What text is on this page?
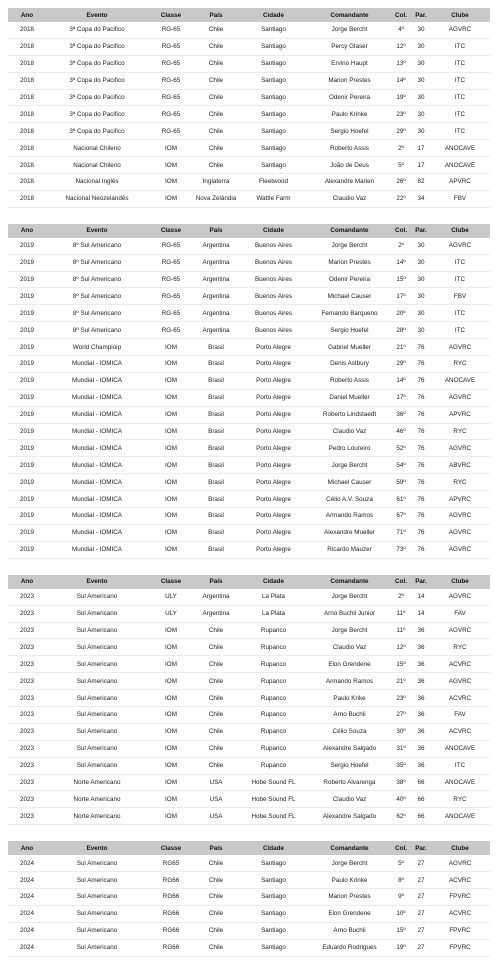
Ano	Evento	Classe	País	Cidade	Comandante	Col.	Par.	Clube
2018	3ª Copa do Pacifico	RG-65	Chile	Santiago	Jorge Bercht	4º	30	AGVRC
2018	3ª Copa do Pacifico	RG-65	Chile	Santiago	Percy Glaser	12º	30	ITC
2018	3ª Copa do Pacifico	RG-65	Chile	Santiago	Ervino Haupt	13º	30	ITC
2018	3ª Copa do Pacifico	RG-65	Chile	Santiago	Marion Prestes	14º	30	ITC
2018	3ª Copa do Pacifico	RG-65	Chile	Santiago	Odenir Pereira	19º	30	ITC
2018	3ª Copa do Pacifico	RG-65	Chile	Santiago	Paulo Krinke	23º	30	ITC
2018	3ª Copa do Pacifico	RG-65	Chile	Santiago	Sergio Hoefel	29º	30	ITC
2018	Nacional Chileno	IOM	Chile	Santiago	Roberto Assis	2º	17	ANOCAVE
2018	Nacional Chileno	IOM	Chile	Santiago	João de Deus	5º	17	ANOCAVE
2018	Nacional Inglês	IOM	Inglaterra	Fleetwood	Alexandre Marien	26º	82	APVRC
2018	Nacional Neozelandês	IOM	Nova Zelândia	Wattle Farm	Claudio Vaz	22º	34	FBV
Ano	Evento	Classe	País	Cidade	Comandante	Col.	Par.	Clube
2019	8º Sul Americano	RG-65	Argentina	Buenos Aires	Jorge Bercht	2º	30	AGVRC
2019	8º Sul Americano	RG-65	Argentina	Buenos Aires	Marion Prestes	14º	30	ITC
2019	8º Sul Americano	RG-65	Argentina	Buenos Aires	Odenir Pereira	15º	30	ITC
2019	8º Sul Americano	RG-65	Argentina	Buenos Aires	Michael Causer	17º	30	FBV
2019	8º Sul Americano	RG-65	Argentina	Buenos Aires	Fernando Barqueno	20º	30	ITC
2019	8º Sul Americano	RG-65	Argentina	Buenos Aires	Sergio Hoefel	28º	30	ITC
2019	World Champioip	IOM	Brasil	Porto Alegre	Gabriel Mueller	21º	76	AGVRC
2019	Mundial - IOMICA	IOM	Brasil	Porto Alegre	Denis Astbury	29º	76	RYC
2019	Mundial - IOMICA	IOM	Brasil	Porto Alegre	Roberto Assis	14º	76	ANOCAVE
2019	Mundial - IOMICA	IOM	Brasil	Porto Alegre	Daniel Mueller	17º	76	AGVRC
2019	Mundial - IOMICA	IOM	Brasil	Porto Alegre	Roberto Lindstaedt	36º	76	APVRC
2019	Mundial - IOMICA	IOM	Brasil	Porto Alegre	Claudio Vaz	46º	76	RYC
2019	Mundial - IOMICA	IOM	Brasil	Porto Alegre	Pedro Loureiro	52º	76	AGVRC
2019	Mundial - IOMICA	IOM	Brasil	Porto Alegre	Jorge Bercht	54º	76	ABVRC
2019	Mundial - IOMICA	IOM	Brasil	Porto Alegre	Michael Causer	59º	76	RYC
2019	Mundial - IOMICA	IOM	Brasil	Porto Alegre	Célio A.V. Souza	61º	76	APVRC
2019	Mundial - IOMICA	IOM	Brasil	Porto Alegre	Armando Ramos	67º	76	AGVRC
2019	Mundial - IOMICA	IOM	Brasil	Porto Alegre	Alexandre Mueller	71º	76	AGVRC
2019	Mundial - IOMICA	IOM	Brasil	Porto Alegre	Ricardo Mauzer	73º	76	AGVRC
Ano	Evento	Classe	País	Cidade	Comandante	Col.	Par.	Clube
2023	Sul Americano	ULY	Argentina	La Plata	Jorge Bercht	2º	14	AGVRC
2023	Sul Americano	ULY	Argentina	La Plata	Arno Buchli Junior	11º	14	FAV
2023	Sul Americano	IOM	Chile	Rupanco	Jorge Bercht	11º	36	AGVRC
2023	Sul Americano	IOM	Chile	Rupanco	Claudio Vaz	12º	36	RYC
2023	Sul Americano	IOM	Chile	Rupanco	Elon Grendene	15º	36	ACVRC
2023	Sul Americano	IOM	Chile	Rupanco	Armando Ramos	21º	36	AGVRC
2023	Sul Americano	IOM	Chile	Rupanco	Paulo Krike	23º	36	ACVRC
2023	Sul Americano	IOM	Chile	Rupanco	Arno Buchli	27º	36	FAV
2023	Sul Americano	IOM	Chile	Rupanco	Célio Souza	30º	36	ACVRC
2023	Sul Americano	IOM	Chile	Rupanco	Alexandre Salgado	31º	36	ANOCAVE
2023	Sul Americano	IOM	Chile	Rupanco	Sergio Hoefel	35º	36	ITC
2023	Norte Americano	IOM	USA	Hobe Sound FL	Roberto Alvarenga	38º	66	ANOCAVE
2023	Norte Americano	IOM	USA	Hobe Sound FL	Claudio Vaz	40º	66	RYC
2023	Norte Americano	IOM	USA	Hobe Sound FL	Alexandre Salgado	62º	66	ANOCAVE
Ano	Evento	Classe	País	Cidade	Comandante	Col.	Par.	Clube
2024	Sul Americano	RG65	Chile	Santiago	Jorge Bercht	5º	27	AGVRC
2024	Sul Americano	RG66	Chile	Santiago	Paulo Krinke	8º	27	ACVRC
2024	Sul Americano	RG66	Chile	Santiago	Marion Prestes	9º	27	FPVRC
2024	Sul Americano	RG66	Chile	Santiago	Elon Grendene	10º	27	ACVRC
2024	Sul Americano	RG66	Chile	Santiago	Arno Buchli	15º	27	FPVRC
2024	Sul Americano	RG66	Chile	Santiago	Eduardo Rodrigues	19º	27	FPVRC
